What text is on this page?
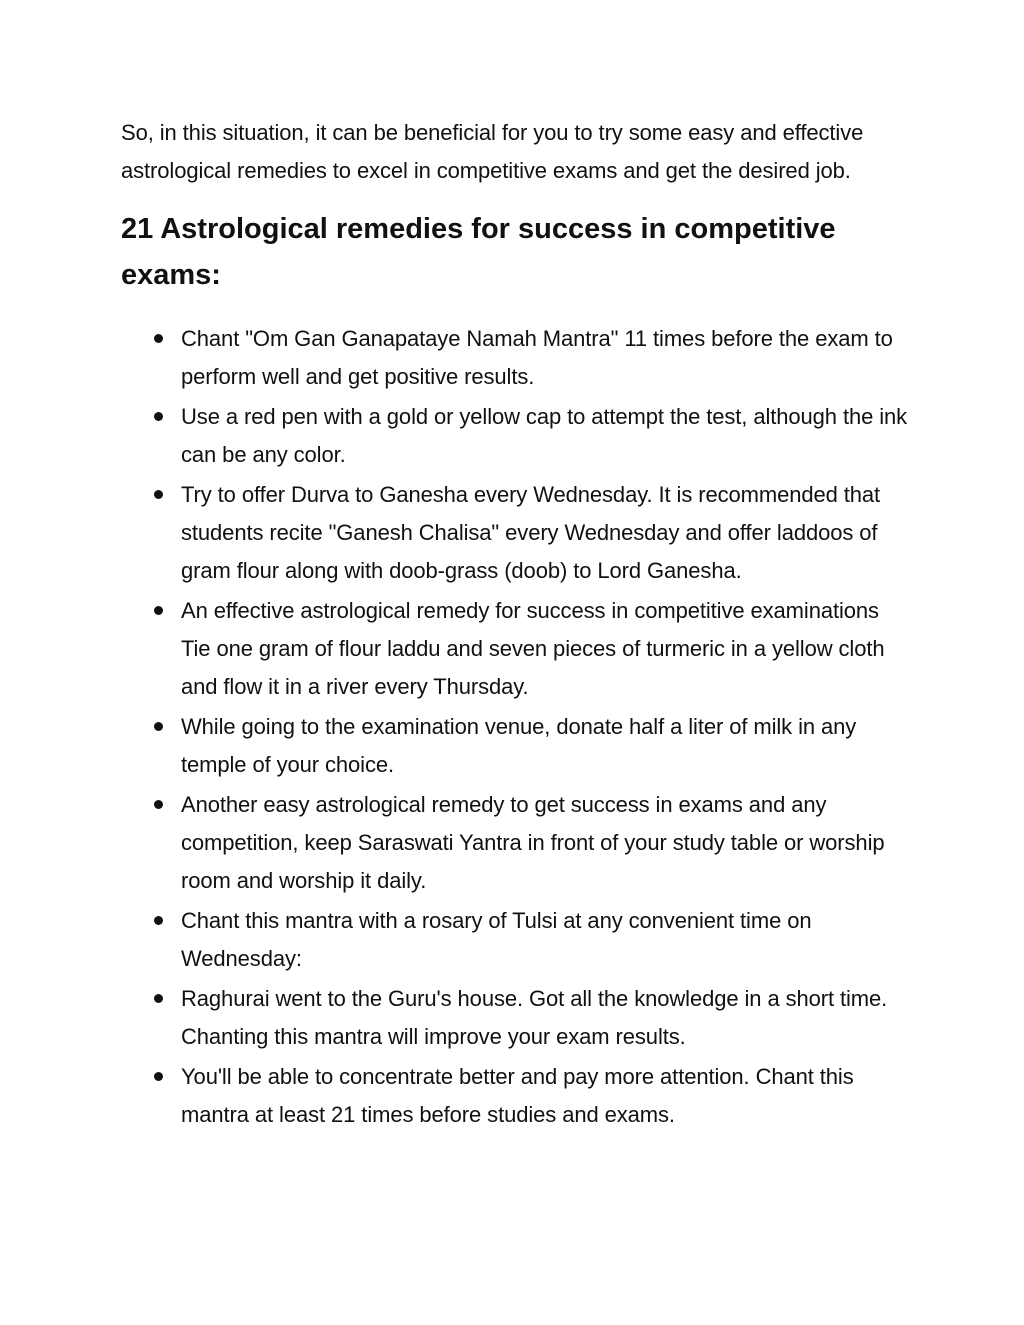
So, in this situation, it can be beneficial for you to try some easy and effective astrological remedies to excel in competitive exams and get the desired job.

21 Astrological remedies for success in competitive exams:
Chant "Om Gan Ganapataye Namah Mantra" 11 times before the exam to perform well and get positive results.
Use a red pen with a gold or yellow cap to attempt the test, although the ink can be any color.
Try to offer Durva to Ganesha every Wednesday. It is recommended that students recite "Ganesh Chalisa" every Wednesday and offer laddoos of gram flour along with doob-grass (doob) to Lord Ganesha.
An effective astrological remedy for success in competitive examinations Tie one gram of flour laddu and seven pieces of turmeric in a yellow cloth and flow it in a river every Thursday.
While going to the examination venue, donate half a liter of milk in any temple of your choice.
Another easy astrological remedy to get success in exams and any competition, keep Saraswati Yantra in front of your study table or worship room and worship it daily.
Chant this mantra with a rosary of Tulsi at any convenient time on Wednesday:
Raghurai went to the Guru's house. Got all the knowledge in a short time. Chanting this mantra will improve your exam results.
You'll be able to concentrate better and pay more attention. Chant this mantra at least 21 times before studies and exams.
